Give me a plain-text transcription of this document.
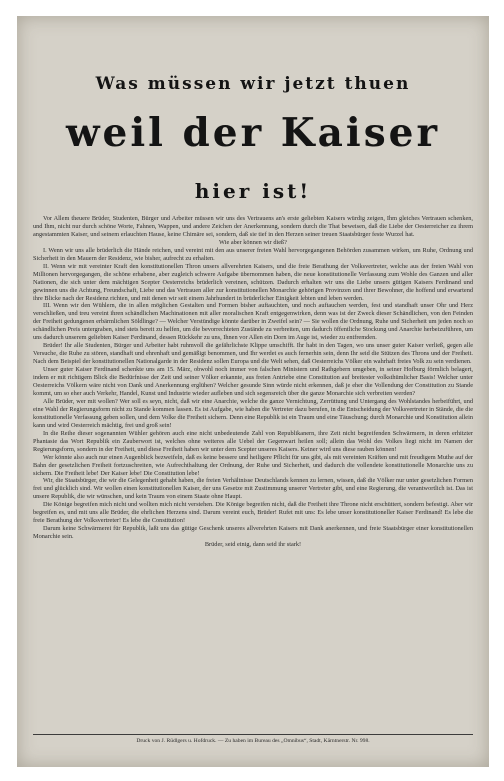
Was müssen wir jetzt thuen
weil der Kaiser
hier ist!

Vor Allem theuere Brüder, Studenten, Bürger und Arbeiter müssen wir uns des Vertrauens an's erste geliebten Kaisers würdig zeigen, Ihm gleiches Vertrauen schenken, und Ihm, nicht nur durch schöne Worte, Fahnen, Wappen, und andere Zeichen der Anerkennung, sondern durch die That beweisen, daß die Liebe der Oesterreicher zu ihrem angestammten Kaiser, und seinem erlauchten Hause, keine Chimäre sei, sondern, daß sie tief in den Herzen seiner treuen Staatsbürger feste Wurzel hat.

Wie aber können wir dieß?

I. Wenn wir uns alle brüderlich die Hände reichen, und vereint mit den aus unserer freien Wahl hervorgegangenen Behörden zusammen wirken, um Ruhe, Ordnung und Sicherheit in den Mauern der Residenz, wie bisher, aufrecht zu erhalten.

II. Wenn wir mit vereinter Kraft den konstitutionellen Thron unsers allverehrten Kaisers, und die freie Berathung der Volksvertreter, welche aus der freien Wahl von Millionen hervorgegangen, die schöne erhabene, aber zugleich schwere Aufgabe übernommen haben, die neue konstitutionelle Verfassung zum Wohle des Ganzen und aller Nationen, die sich unter dem mächtigen Scepter Oesterreichs brüderlich vereinen, schützen. Dadurch erhalten wir uns die Liebe unsers gütigen Kaisers Ferdinand und gewinnen uns die Achtung, Freundschaft, Liebe und das Vertrauen aller zur konstitutionellen Monarchie gehörigen Provinzen und ihrer Bewohner, die hoffend und erwartend ihre Blicke nach der Residenz richten, und mit denen wir seit einem Jahrhundert in brüderlicher Einigkeit lebten und leben werden.

III. Wenn wir den Wühlern, die in allen möglichen Gestalten und Formen bisher auftauchten, und noch auftauchen werden, fest und standhaft unser Ohr und Herz verschließen, und treu vereint ihren schändlichen Machinationen mit aller moralischen Kraft entgegenwirken, denn was ist der Zweck dieser Schändlichen, von den Feinden der Freiheit gedungenen erbärmlichen Söldlinge? — Welcher Verstündige könnte darüber in Zweifel sein? — Sie wollen die Ordnung, Ruhe und Sicherheit um jeden noch so schändlichen Preis untergraben, sind stets bereit zu helfen, um die bevorrechteten Zustände zu verbreiten, um dadurch öffentliche Stockung und Anarchie herbeizuführen, um uns dadurch unserem geliebten Kaiser Ferdinand, dessen Rückkehr zu uns, Ihnen vor Allen ein Dorn im Auge ist, wieder zu entfremden.

Brüder! Ihr alle Studenten, Bürger und Arbeiter habt ruhmvoll die gefährlichste Klippe umschifft. Ihr habt in den Tagen, wo uns unser guter Kaiser verließ, gegen alle Versuche, die Ruhe zu stören, standhaft und ehrenhaft und gemäßigt benommen, und Ihr werdet es auch fernerhin sein, denn Ihr seid die Stützen des Throns und der Freiheit. Nach dem Beispiel der konstitutionellen Nationalgarde in der Residenz sollen Europa und die Welt sehen, daß Oesterreichs Völker ein wahrhaft freies Volk zu sein verdienen.

Unser guter Kaiser Ferdinand schenkte uns am 15. März, obwohl noch immer von falschen Ministern und Rathgebern umgeben, in seiner Hofburg förmlich belagert, indem er mit richtigem Blick die Bedürfnisse der Zeit und seiner Völker erkannte, aus freien Antriebe eine Constitution auf breitester volksthümlicher Basis! Welcher unter Oesterreichs Völkern wäre nicht von Dank und Anerkennung erglühen? Welcher gesunde Sinn würde nicht erkennen, daß je eher die Vollendung der Constitution zu Stande kommt, um so eher auch Verkehr, Handel, Kunst und Industrie wieder aufleben und sich segensreich über die ganze Monarchie sich verbreiten werden?

Alle Brüder, wer mit wollen? Wer soll es seyn, nicht, daß wir eine Anarchie, welche die ganze Vernichtung, Zerrüttung und Untergang des Wohlstandes herbeiführt, und eine Wahl der Regierungsform nicht zu Stande kommen lassen. Es ist Aufgabe, wie haben die Vertreter dazu berufen, in die Entscheidung der Volksvertreter in Stände, die die konstitutionelle Verfassung geben sollen, und dem Volke die Freiheit sichern. Denn eine Republik ist ein Traum und eine Täuschung; durch Monarchie und Konstitution allein kann und wird Oesterreich mächtig, frei und groß sein!

In die Reihe dieser sogenannten Wühler gehören auch eine nicht unbedeutende Zahl von Republikanern, ihre Zeit nicht begreifenden Schwärmern, in deren erhitzter Phantasie das Wort Republik ein Zauberwort ist, welches ohne weiteres alle Uebel der Gegenwart heilen soll; allein das Wohl des Volkes liegt nicht im Namen der Regierungsform, sondern in der Freiheit, und diese Freiheit haben wir unter dem Scepter unseres Kaisers. Keiner wird uns diese rauben können!

Wer könnte also auch nur einen Augenblick bezweifeln, daß es keine bessere und heiligere Pflicht für uns gibt, als mit vereinten Kräften und mit freudigem Muthe auf der Bahn der gesetzlichen Freiheit fortzuschreiten, wie Aufrechthaltung der Ordnung, der Ruhe und Sicherheit, und dadurch die vollendete konstitutionelle Monarchie uns zu sichern. Die Freiheit lebe! Der Kaiser lebe! Die Constitution lebe!

Wir, die Staatsbürger, die wir die Gelegenheit gehabt haben, die freien Verhältnisse Deutschlands kennen zu lernen, wissen, daß die Völker nur unter gesetzlichen Formen frei und glücklich sind. Wir wollen einen konstitutionellen Kaiser, der uns Gesetze mit Zustimmung unserer Vertreter gibt, und eine Regierung, die verantwortlich ist. Das ist unsere Republik, die wir wünschen, und kein Traum von einem Staate ohne Haupt.

Die Könige begreifen mich nicht und wollten mich nicht verstehen. Die Könige begreifen nicht, daß die Freiheit ihre Throne nicht erschüttert, sondern befestigt. Aber wir begreifen es, und mit uns alle Brüder, die ehrlichen Herzens sind. Darum vereint euch, Brüder! Rufet mit uns: Es lebe unser konstitutioneller Kaiser Ferdinand! Es lebe die freie Berathung der Volksvertreter! Es lebe die Constitution!

Darum keine Schwärmerei für Republik, laßt uns das gütige Geschenk unseres allverehrten Kaisers mit Dank anerkennen, und freie Staatsbürger einer konstitutionellen Monarchie sein.

Brüder, seid einig, dann seid ihr stark!

Druck von J. Rüdlgers u. Hofdruck. — Zu haben im Bureau des „Omnibus“, Stadt, Kärntnerstr. Nr. 998.
